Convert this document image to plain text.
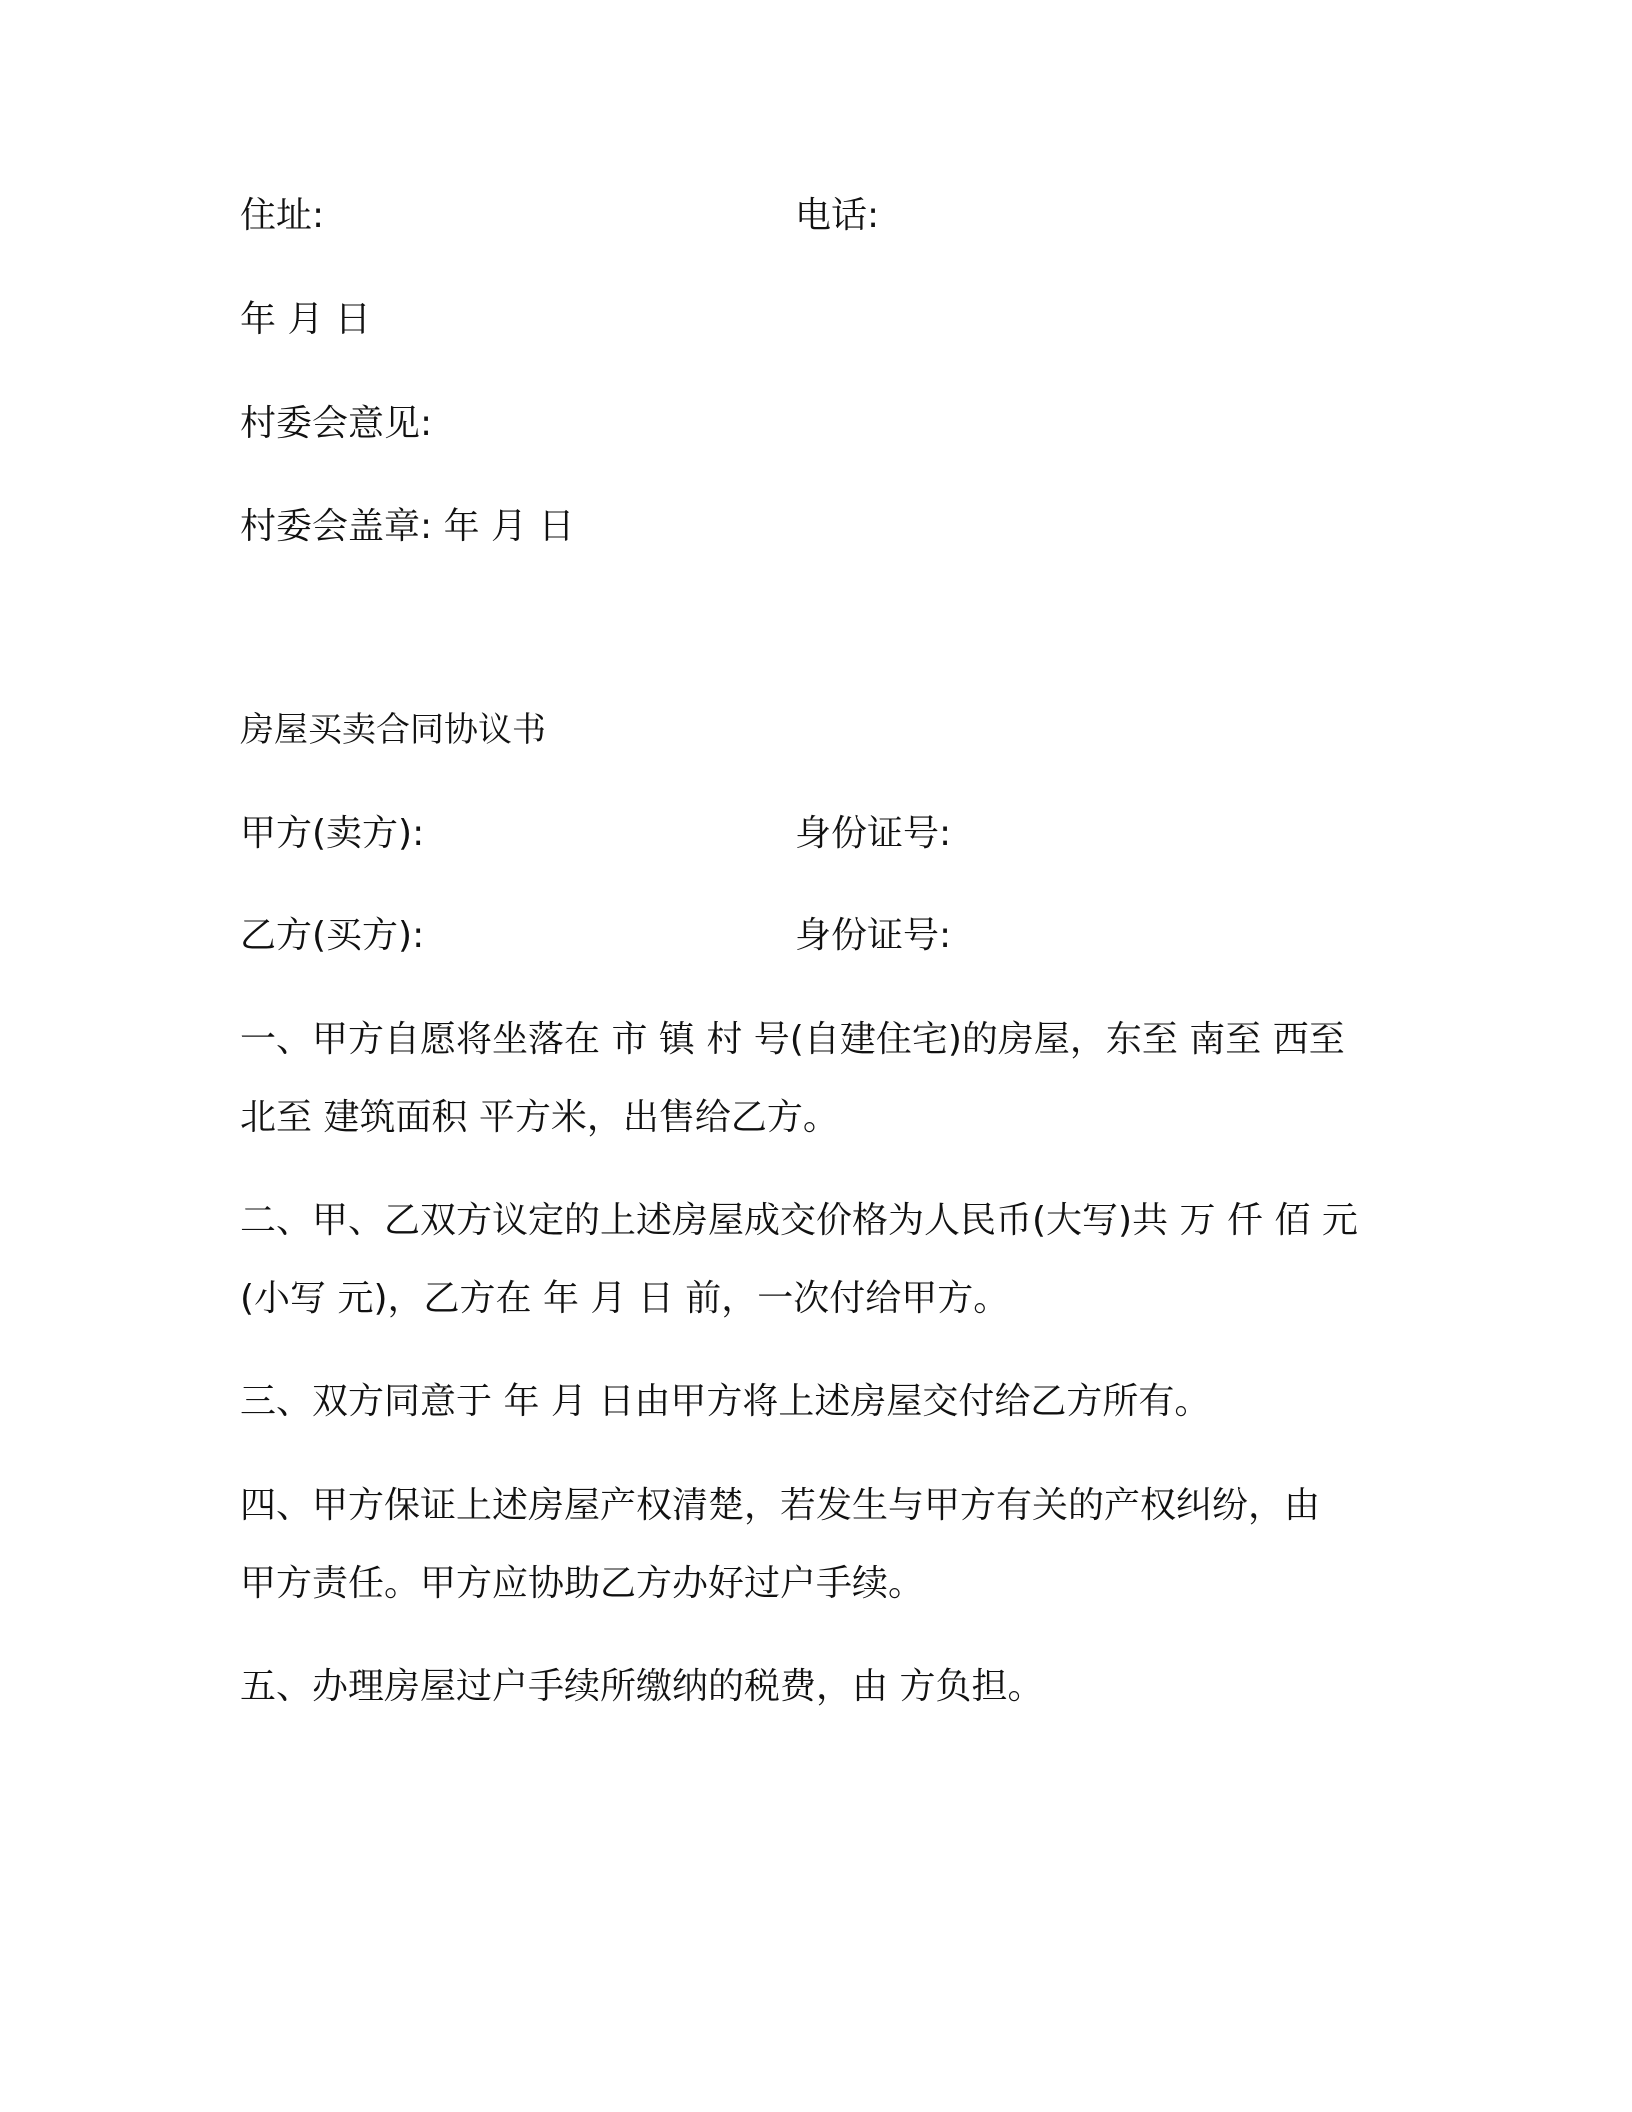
住址:	电话:
年 月 日
村委会意见:
村委会盖章: 年 月 日
房屋买卖合同协议书
甲方(卖方):	身份证号:
乙方(买方):	身份证号:
一、甲方自愿将坐落在 市 镇 村 号(自建住宅)的房屋，东至 南至 西至
北至 建筑面积 平方米，出售给乙方。
二、甲、乙双方议定的上述房屋成交价格为人民币(大写)共 万 仟 佰 元
(小写 元)，乙方在 年 月 日 前，一次付给甲方。
三、双方同意于 年 月 日由甲方将上述房屋交付给乙方所有。
四、甲方保证上述房屋产权清楚，若发生与甲方有关的产权纠纷，由
甲方责任。甲方应协助乙方办好过户手续。
五、办理房屋过户手续所缴纳的税费，由 方负担。
